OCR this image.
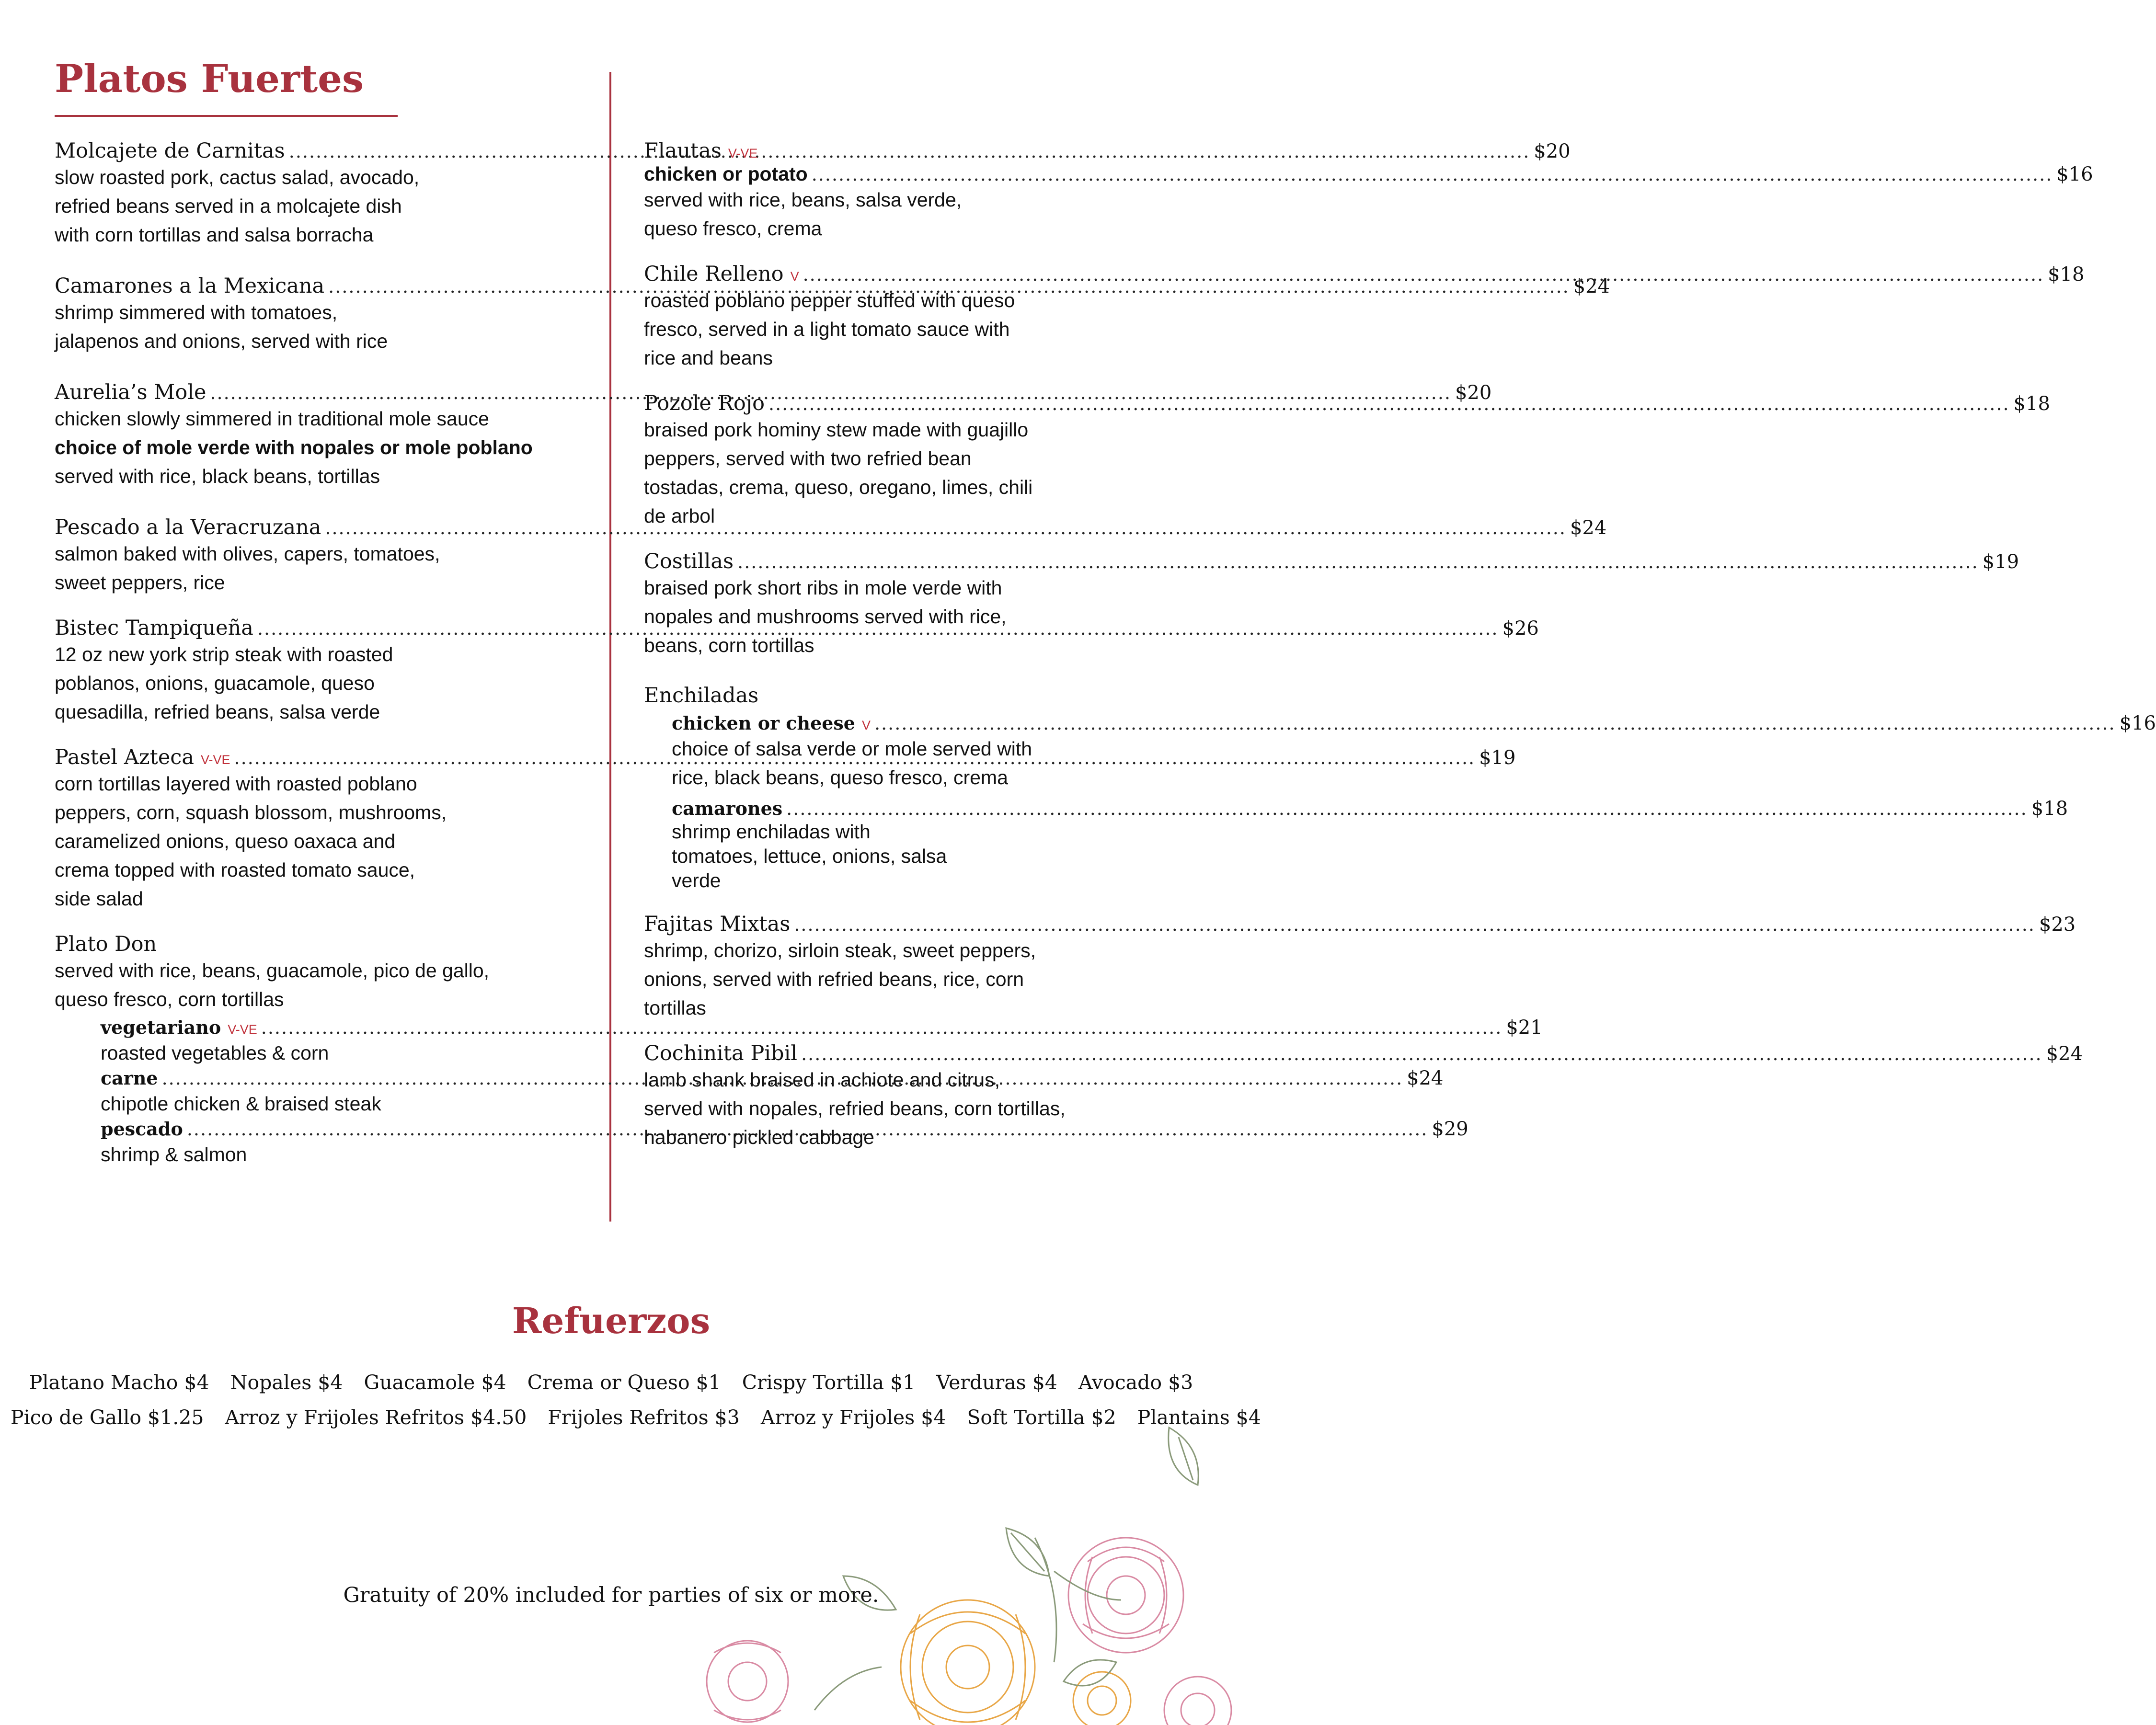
Platos Fuertes
Molcajete de Carnitas .....	$20

slow roasted pork, cactus salad, avocado,
refried beans served in a molcajete dish
with corn tortillas and salsa borracha

Camarones a la Mexicana .....	$24

shrimp simmered with tomatoes,
jalapenos and onions, served with rice

Aurelia’s Mole .....	$20

chicken slowly simmered in traditional mole sauce
choice of mole verde with nopales or mole poblano
served with rice, black beans, tortillas

Pescado a la Veracruzana .....	$24

salmon baked with olives, capers, tomatoes,
sweet peppers, rice

Bistec Tampiqueña .....	$26

12 oz new york strip steak with roasted
poblanos, onions, guacamole, queso
quesadilla, refried beans, salsa verde

Pastel Azteca V-VE .....	$19

corn tortillas layered with roasted poblano
peppers, corn, squash blossom, mushrooms,
caramelized onions, queso oaxaca and
crema topped with roasted tomato sauce,
side salad

Plato Don

served with rice, beans, guacamole, pico de gallo,
queso fresco, corn tortillas

vegetariano V-VE .....	$21

roasted vegetables & corn

carne .....	$24

chipotle chicken & braised steak

pescado .....	$29

shrimp & salmon

Flautas V-VE
chicken or potato .....	$16

served with rice, beans, salsa verde,
queso fresco, crema

Chile Relleno V .....	$18

roasted poblano pepper stuffed with queso
fresco, served in a light tomato sauce with
rice and beans

Pozole Rojo .....	$18

braised pork hominy stew made with guajillo
peppers, served with two refried bean
tostadas, crema, queso, oregano, limes, chili
de arbol

Costillas .....	$19

braised pork short ribs in mole verde with
nopales and mushrooms served with rice,
beans, corn tortillas

Enchiladas
chicken or cheese V .....	$16

choice of salsa verde or mole served with
rice, black beans, queso fresco, crema

camarones .....	$18

shrimp enchiladas with
tomatoes, lettuce, onions, salsa
verde

Fajitas Mixtas .....	$23

shrimp, chorizo, sirloin steak, sweet peppers,
onions, served with refried beans, rice, corn
tortillas

Cochinita Pibil .....	$24

lamb shank braised in achiote and citrus,
served with nopales, refried beans, corn tortillas,
habanero pickled cabbage

Refuerzos
Platano Macho $4 Nopales $4 Guacamole $4 Crema or Queso $1 Crispy Tortilla $1 Verduras $4 Avocado $3
Pico de Gallo $1.25 Arroz y Frijoles Refritos $4.50 Frijoles Refritos $3 Arroz y Frijoles $4 Soft Tortilla $2 Plantains $4
Gratuity of 20% included for parties of six or more.
